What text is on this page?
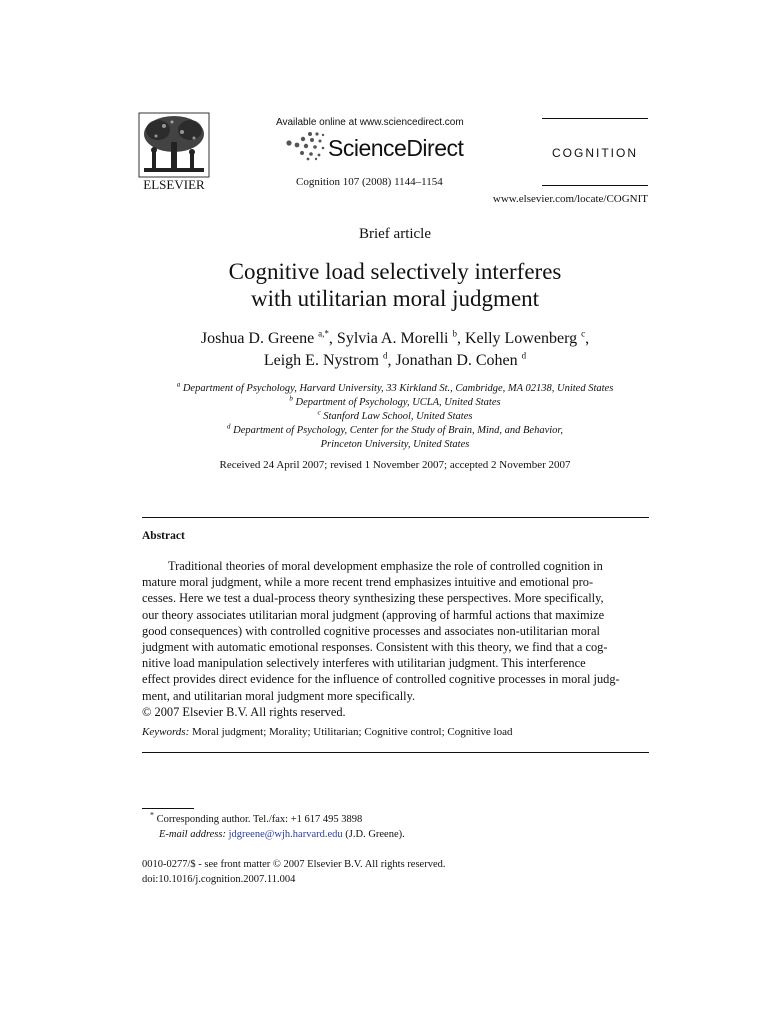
ELSEVIER
Available online at www.sciencedirect.com
ScienceDirect
Cognition 107 (2008) 1144–1154
COGNITION
www.elsevier.com/locate/COGNIT
Brief article
Cognitive load selectively interferes
with utilitarian moral judgment
Joshua D. Greene $^{a,*}$, Sylvia A. Morelli $^b$, Kelly Lowenberg $^c$,
Leigh E. Nystrom $^d$, Jonathan D. Cohen $^d$
$^a$ Department of Psychology, Harvard University, 33 Kirkland St., Cambridge, MA 02138, United States
$^b$ Department of Psychology, UCLA, United States
$^c$ Stanford Law School, United States
$^d$ Department of Psychology, Center for the Study of Brain, Mind, and Behavior,
Princeton University, United States
Received 24 April 2007; revised 1 November 2007; accepted 2 November 2007
Abstract
Traditional theories of moral development emphasize the role of controlled cognition in
mature moral judgment, while a more recent trend emphasizes intuitive and emotional pro-
cesses. Here we test a dual-process theory synthesizing these perspectives. More specifically,
our theory associates utilitarian moral judgment (approving of harmful actions that maximize
good consequences) with controlled cognitive processes and associates non-utilitarian moral
judgment with automatic emotional responses. Consistent with this theory, we find that a cog-
nitive load manipulation selectively interferes with utilitarian judgment. This interference
effect provides direct evidence for the influence of controlled cognitive processes in moral judg-
ment, and utilitarian moral judgment more specifically.
© 2007 Elsevier B.V. All rights reserved.
Keywords: Moral judgment; Morality; Utilitarian; Cognitive control; Cognitive load
* Corresponding author. Tel./fax: +1 617 495 3898
E-mail address: jdgreene@wjh.harvard.edu (J.D. Greene).
0010-0277/$ - see front matter © 2007 Elsevier B.V. All rights reserved.
doi:10.1016/j.cognition.2007.11.004
